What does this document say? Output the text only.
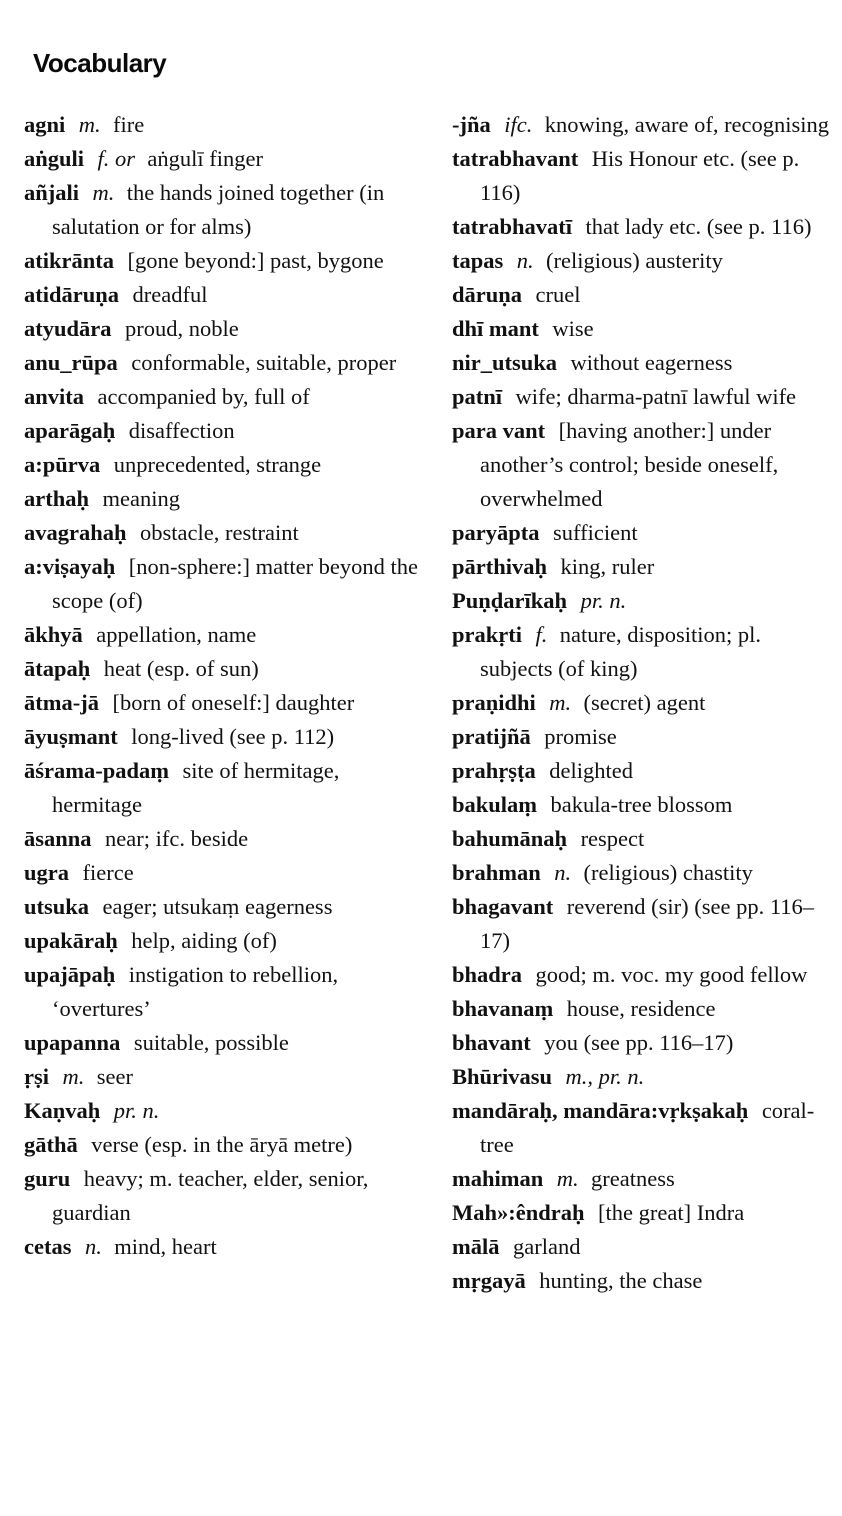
Vocabulary
agni m. fire
aṅguli f. or aṅgulī finger
añjali m. the hands joined together (in salutation or for alms)
atikrānta [gone beyond:] past, bygone
atidāruṇa dreadful
atyudāra proud, noble
anu_rūpa conformable, suitable, proper
anvita accompanied by, full of
aparāgaḥ disaffection
a:pūrva unprecedented, strange
arthaḥ meaning
avagrahaḥ obstacle, restraint
a:viṣayaḥ [non-sphere:] matter beyond the scope (of)
ākhyā appellation, name
ātapaḥ heat (esp. of sun)
ātma-jā [born of oneself:] daughter
āyuṣmant long-lived (see p. 112)
āśrama-padaṃ site of hermitage, hermitage
āsanna near; ifc. beside
ugra fierce
utsuka eager; utsukaṃ eagerness
upakāraḥ help, aiding (of)
upajāpaḥ instigation to rebellion, ‘overtures’
upapanna suitable, possible
ṛṣi m. seer
Kaṇvaḥ pr. n.
gāthā verse (esp. in the āryā metre)
guru heavy; m. teacher, elder, senior, guardian
cetas n. mind, heart
-jña ifc. knowing, aware of, recognising
tatrabhavant His Honour etc. (see p. 116)
tatrabhavatī that lady etc. (see p. 116)
tapas n. (religious) austerity
dāruṇa cruel
dhī mant wise
nir_utsuka without eagerness
patnī wife; dharma-patnī lawful wife
para vant [having another:] under another’s control; beside oneself, overwhelmed
paryāpta sufficient
pārthivaḥ king, ruler
Puṇḍarīkaḥ pr. n.
prakṛti f. nature, disposition; pl. subjects (of king)
praṇidhi m. (secret) agent
pratijñā promise
prahṛṣṭa delighted
bakulaṃ bakula-tree blossom
bahumānaḥ respect
brahman n. (religious) chastity
bhagavant reverend (sir) (see pp. 116–17)
bhadra good; m. voc. my good fellow
bhavanaṃ house, residence
bhavant you (see pp. 116–17)
Bhūrivasu m., pr. n.
mandāraḥ, mandāra:vṛkṣakaḥ coral-tree
mahiman m. greatness
Mah»:êndraḥ [the great] Indra
mālā garland
mṛgayā hunting, the chase
